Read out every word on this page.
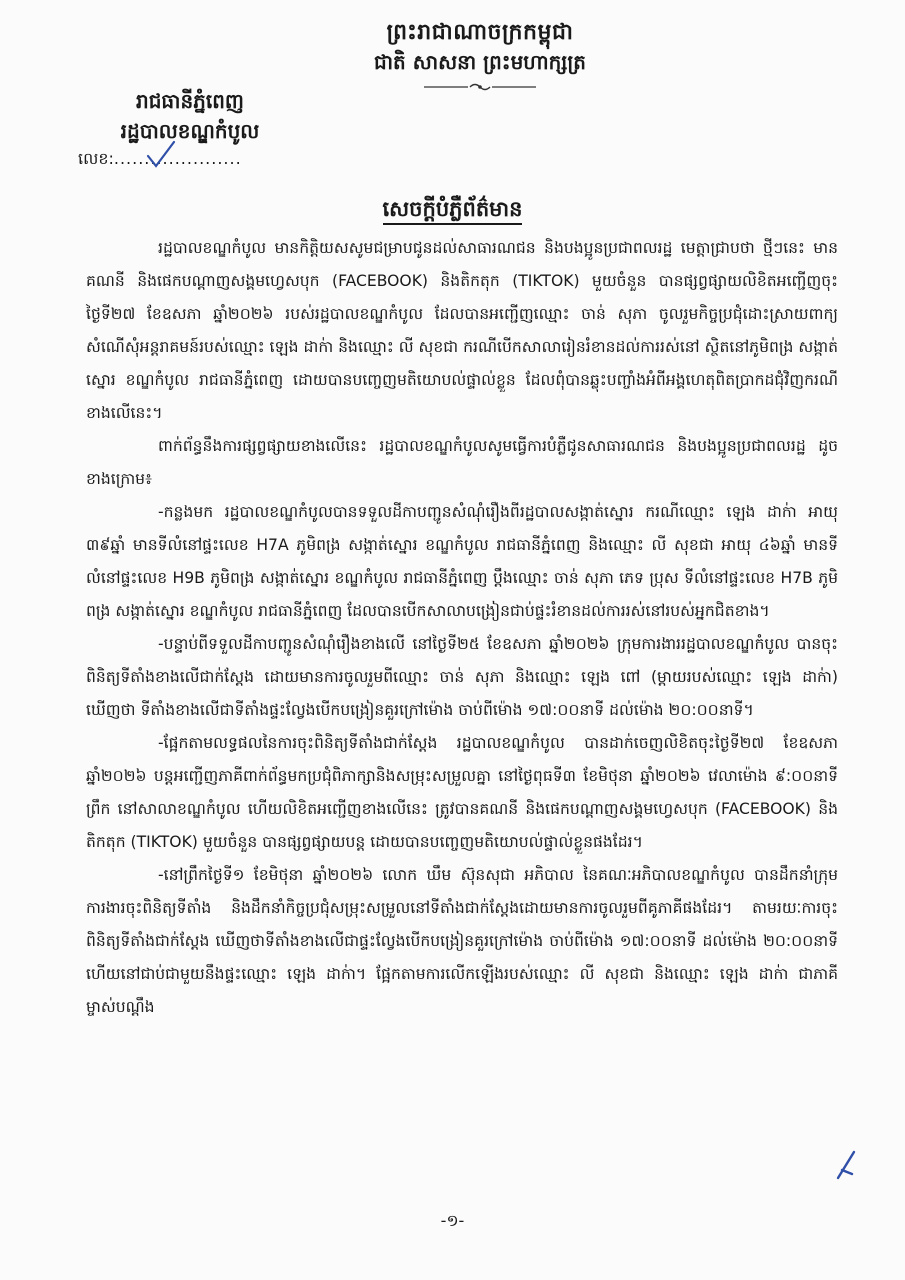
ព្រះរាជាណាចក្រកម្ពុជា
ជាតិ សាសនា ព្រះមហាក្សត្រ
រាជធានីភ្នំពេញ
រដ្ឋបាលខណ្ឌកំបូល
លេខ:.....................
សេចក្តីបំភ្លឺព័ត៌មាន

រដ្ឋបាលខណ្ឌកំបូល មានកិត្តិយសសូមជម្រាបជូនដល់សាធារណជន និងបងប្អូនប្រជាពលរដ្ឋ មេត្តាជ្រាបថា ថ្មីៗនេះ មានគណនី និងផេកបណ្តាញសង្គមហ្វេសបុក (FACEBOOK) និងតិកតុក (TIKTOK) មួយចំនួន បានផ្សព្វផ្សាយលិខិតអញ្ជើញចុះថ្ងៃទី២៧ ខែឧសភា ឆ្នាំ២០២៦ របស់រដ្ឋបាលខណ្ឌកំបូល ដែលបានអញ្ជើញឈ្មោះ ចាន់ សុភា ចូលរួមកិច្ចប្រជុំដោះស្រាយពាក្យសំណើសុំអន្តរាគមន៍របស់ឈ្មោះ ឡេង ដាក់ា និងឈ្មោះ លី សុខជា ករណីបើកសាលារៀនរំខានដល់ការរស់នៅ ស្ថិតនៅភូមិពង្រ សង្កាត់ស្នោរ ខណ្ឌកំបូល រាជធានីភ្នំពេញ ដោយបានបញ្ចេញមតិយោបល់ផ្ទាល់ខ្លួន ដែលពុំបានឆ្លុះបញ្ចាំងអំពីអង្គហេតុពិតប្រាកដជុំវិញករណីខាងលើនេះ។

ពាក់ព័ន្ធនឹងការផ្សព្វផ្សាយខាងលើនេះ រដ្ឋបាលខណ្ឌកំបូលសូមធ្វើការបំភ្លឺជូនសាធារណជន និងបងប្អូនប្រជាពលរដ្ឋ ដូចខាងក្រោម៖

-កន្លងមក រដ្ឋបាលខណ្ឌកំបូលបានទទួលដីកាបញ្ជូនសំណុំរឿងពីរដ្ឋបាលសង្កាត់ស្នោរ ករណីឈ្មោះ ឡេង ដាក់ា អាយុ ៣៩ឆ្នាំ មានទីលំនៅផ្ទះលេខ H7A ភូមិពង្រ សង្កាត់ស្នោរ ខណ្ឌកំបូល រាជធានីភ្នំពេញ និងឈ្មោះ លី សុខជា អាយុ ៤៦ឆ្នាំ មានទីលំនៅផ្ទះលេខ H9B ភូមិពង្រ សង្កាត់ស្នោរ ខណ្ឌកំបូល រាជធានីភ្នំពេញ ប្តឹងឈ្មោះ ចាន់ សុភា ភេទ ប្រុស ទីលំនៅផ្ទះលេខ H7B ភូមិពង្រ សង្កាត់ស្នោរ ខណ្ឌកំបូល រាជធានីភ្នំពេញ ដែលបានបើកសាលាបង្រៀនជាប់ផ្ទះរំខានដល់ការរស់នៅរបស់អ្នកជិតខាង។

-បន្ទាប់ពីទទួលដីកាបញ្ជូនសំណុំរឿងខាងលើ នៅថ្ងៃទី២៥ ខែឧសភា ឆ្នាំ២០២៦ ក្រុមការងាររដ្ឋបាលខណ្ឌកំបូល បានចុះពិនិត្យទីតាំងខាងលើជាក់ស្តែង ដោយមានការចូលរួមពីឈ្មោះ ចាន់ សុភា និងឈ្មោះ ឡេង ពៅ (ម្តាយរបស់ឈ្មោះ ឡេង ដាក់ា) ឃើញថា ទីតាំងខាងលើជាទីតាំងផ្ទះល្វែងបើកបង្រៀនគួរក្រៅម៉ោង ចាប់ពីម៉ោង ១៧:០០នាទី ដល់ម៉ោង ២០:០០នាទី។

-ផ្អែកតាមលទ្ធផលនៃការចុះពិនិត្យទីតាំងជាក់ស្តែង រដ្ឋបាលខណ្ឌកំបូល បានដាក់ចេញលិខិតចុះថ្ងៃទី២៧ ខែឧសភា ឆ្នាំ២០២៦ បន្តអញ្ជើញភាគីពាក់ព័ន្ធមកប្រជុំពិភាក្សានិងសម្រុះសម្រួលគ្នា នៅថ្ងៃពុធទី៣ ខែមិថុនា ឆ្នាំ២០២៦ វេលាម៉ោង ៩:០០នាទីព្រឹក នៅសាលាខណ្ឌកំបូល ហើយលិខិតអញ្ជើញខាងលើនេះ ត្រូវបានគណនី និងផេកបណ្តាញសង្គមហ្វេសបុក (FACEBOOK) និងតិកតុក (TIKTOK) មួយចំនួន បានផ្សព្វផ្សាយបន្ត ដោយបានបញ្ចេញមតិយោបល់ផ្ទាល់ខ្លួនផងដែរ។

-នៅព្រឹកថ្ងៃទី១ ខែមិថុនា ឆ្នាំ២០២៦ លោក ឃឹម ស៊ុនសុជា អភិបាល នៃគណៈអភិបាលខណ្ឌកំបូល បានដឹកនាំក្រុមការងារចុះពិនិត្យទីតាំង និងដឹកនាំកិច្ចប្រជុំសម្រុះសម្រួលនៅទីតាំងជាក់ស្តែងដោយមានការចូលរួមពីគូភាគីផងដែរ។ តាមរយៈការចុះពិនិត្យទីតាំងជាក់ស្តែង ឃើញថាទីតាំងខាងលើជាផ្ទះល្វែងបើកបង្រៀនគួរក្រៅម៉ោង ចាប់ពីម៉ោង ១៧:០០នាទី ដល់ម៉ោង ២០:០០នាទី ហើយនៅជាប់ជាមួយនឹងផ្ទះឈ្មោះ ឡេង ដាក់ា។ ផ្អែកតាមការលើកឡើងរបស់ឈ្មោះ លី សុខជា និងឈ្មោះ ឡេង ដាក់ា ជាភាគីម្ចាស់បណ្តឹង

-១-
